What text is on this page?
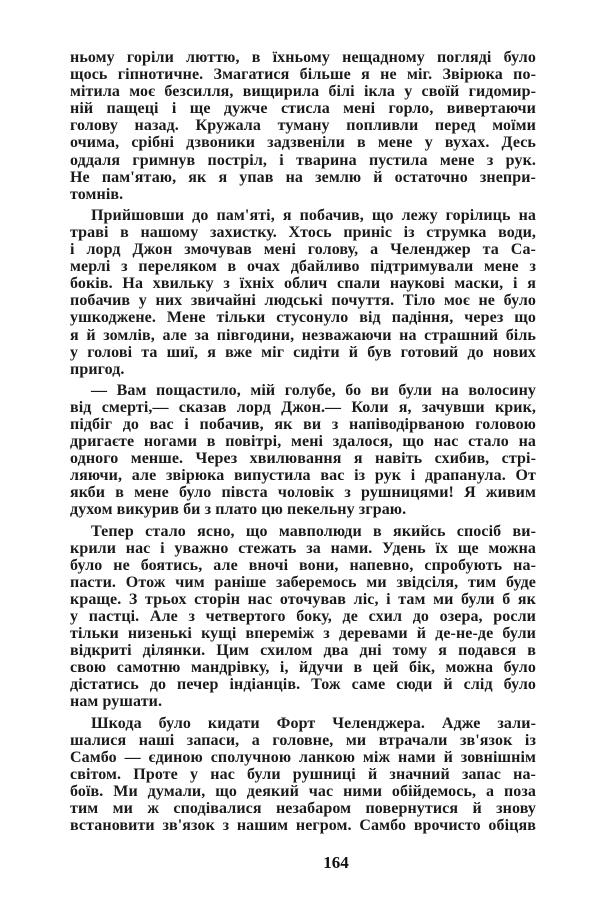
ньому горіли люттю, в їхньому нещадному погляді було
щось гіпнотичне. Змагатися більше я не міг. Звірюка по-
мітила моє безсилля, вищирила білі ікла у своїй гидомир-
ній пащеці і ще дужче стисла мені горло, вивертаючи
голову назад. Кружала туману попливли перед моїми
очима, срібні дзвоники задзвеніли в мене у вухах. Десь
оддаля гримнув постріл, і тварина пустила мене з рук.
Не пам'ятаю, як я упав на землю й остаточно знепри-
томнів.
Прийшовши до пам'яті, я побачив, що лежу горілиць на
траві в нашому захистку. Хтось приніс із струмка води,
і лорд Джон змочував мені голову, а Челенджер та Са-
мерлі з переляком в очах дбайливо підтримували мене з
боків. На хвильку з їхніх облич спали наукові маски, і я
побачив у них звичайні людські почуття. Тіло моє не було
ушкоджене. Мене тільки стусонуло від падіння, через що
я й зомлів, але за півгодини, незважаючи на страшний біль
у голові та шиї, я вже міг сидіти й був готовий до нових
пригод.
— Вам пощастило, мій голубе, бо ви були на волосину
від смерті,— сказав лорд Джон.— Коли я, зачувши крик,
підбіг до вас і побачив, як ви з напіводірваною головою
дригаєте ногами в повітрі, мені здалося, що нас стало на
одного менше. Через хвилювання я навіть схибив, стрі-
ляючи, але звірюка випустила вас із рук і драпанула. От
якби в мене було півста чоловік з рушницями! Я живим
духом викурив би з плато цю пекельну зграю.
Тепер стало ясно, що мавполюди в якийсь спосіб ви-
крили нас і уважно стежать за нами. Удень їх ще можна
було не боятись, але вночі вони, напевно, спробують на-
пасти. Отож чим раніше заберемось ми звідсіля, тим буде
краще. З трьох сторін нас оточував ліс, і там ми були б як
у пастці. Але з четвертого боку, де схил до озера, росли
тільки низенькі кущі впереміж з деревами й де-не-де були
відкриті ділянки. Цим схилом два дні тому я подався в
свою самотню мандрівку, і, йдучи в цей бік, можна було
дістатись до печер індіанців. Тож саме сюди й слід було
нам рушати.
Шкода було кидати Форт Челенджера. Адже зали-
шалися наші запаси, а головне, ми втрачали зв'язок із
Самбо — єдиною сполучною ланкою між нами й зовнішнім
світом. Проте у нас були рушниці й значний запас на-
боїв. Ми думали, що деякий час ними обійдемось, а поза
тим ми ж сподівалися незабаром повернутися й знову
встановити зв'язок з нашим негром. Самбо врочисто обіцяв
164
